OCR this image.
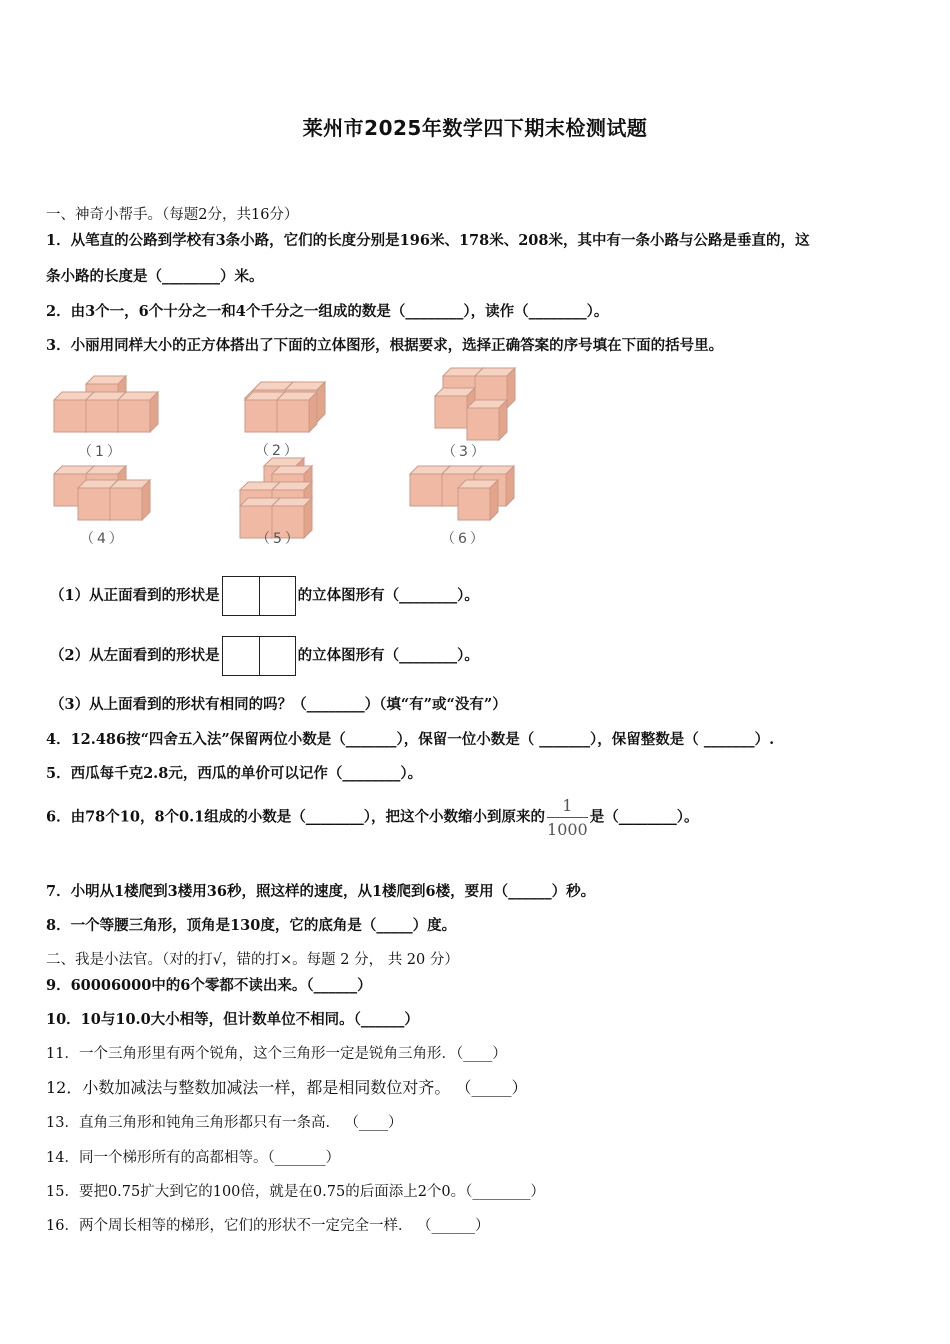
莱州市2025年数学四下期末检测试题
一、神奇小帮手。（每题2分，共16分）
1．从笔直的公路到学校有3条小路，它们的长度分别是196米、178米、208米，其中有一条小路与公路是垂直的，这
条小路的长度是（________）米。
2．由3个一，6个十分之一和4个千分之一组成的数是（________），读作（________）。
3．小丽用同样大小的正方体搭出了下面的立体图形，根据要求，选择正确答案的序号填在下面的括号里。
（1）	（2）	（3）
（4）	（5）	（6）
（1）从正面看到的形状是	的立体图形有（________）。
（2）从左面看到的形状是	的立体图形有（________）。
（3）从上面看到的形状有相同的吗？（________）（填“有”或“没有”）
4．12.486按“四舍五入法”保留两位小数是（_______），保留一位小数是（ _______），保留整数是（ _______）.
5．西瓜每千克2.8元，西瓜的单价可以记作（________）。
6．由78个10，8个0.1组成的小数是（________），把这个小数缩小到原来的 $\frac{1}{1000}$ 是（________）。
7．小明从1楼爬到3楼用36秒，照这样的速度，从1楼爬到6楼，要用（______）秒。
8．一个等腰三角形，顶角是130度，它的底角是（_____）度。
二、我是小法官。（对的打√，错的打×。每题 2 分， 共 20 分）
9．60006000中的6个零都不读出来。（______）
10．10与10.0大小相等，但计数单位不相同。（______）
11．一个三角形里有两个锐角，这个三角形一定是锐角三角形．（____）
12．小数加减法与整数加减法一样，都是相同数位对齐。 （_____）
13．直角三角形和钝角三角形都只有一条高． （____）
14．同一个梯形所有的高都相等。（_______）
15．要把0.75扩大到它的100倍，就是在0.75的后面添上2个0。（________）
16．两个周长相等的梯形，它们的形状不一定完全一样． （______）
